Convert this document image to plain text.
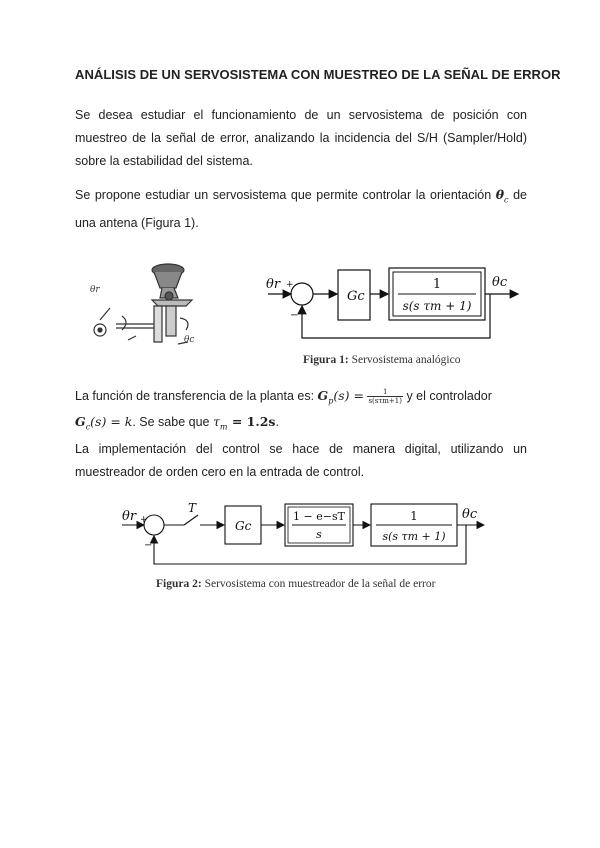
ANÁLISIS DE UN SERVOSISTEMA CON MUESTREO DE LA SEÑAL DE ERROR
Se desea estudiar el funcionamiento de un servosistema de posición con muestreo de la señal de error, analizando la incidencia del S/H (Sampler/Hold) sobre la estabilidad del sistema.
Se propone estudiar un servosistema que permite controlar la orientación $\theta_c$ de una antena (Figura 1).
θr
θc
θr +
−
Gc
1
s(s τm + 1)
θc
Figura 1: Servosistema analógico
La función de transferencia de la planta es: $G_p(s) = \frac{1}{\text{s(sτm+1)}}$ y el controlador
$G_c(s) = k$. Se sabe que $\tau_m = 1.2s$.
La implementación del control se hace de manera digital, utilizando un muestreador de orden cero en la entrada de control.
θr +
−
T
Gc
1 − e−sT
s
1
s(s τm + 1)
θc
Figura 2: Servosistema con muestreador de la señal de error
